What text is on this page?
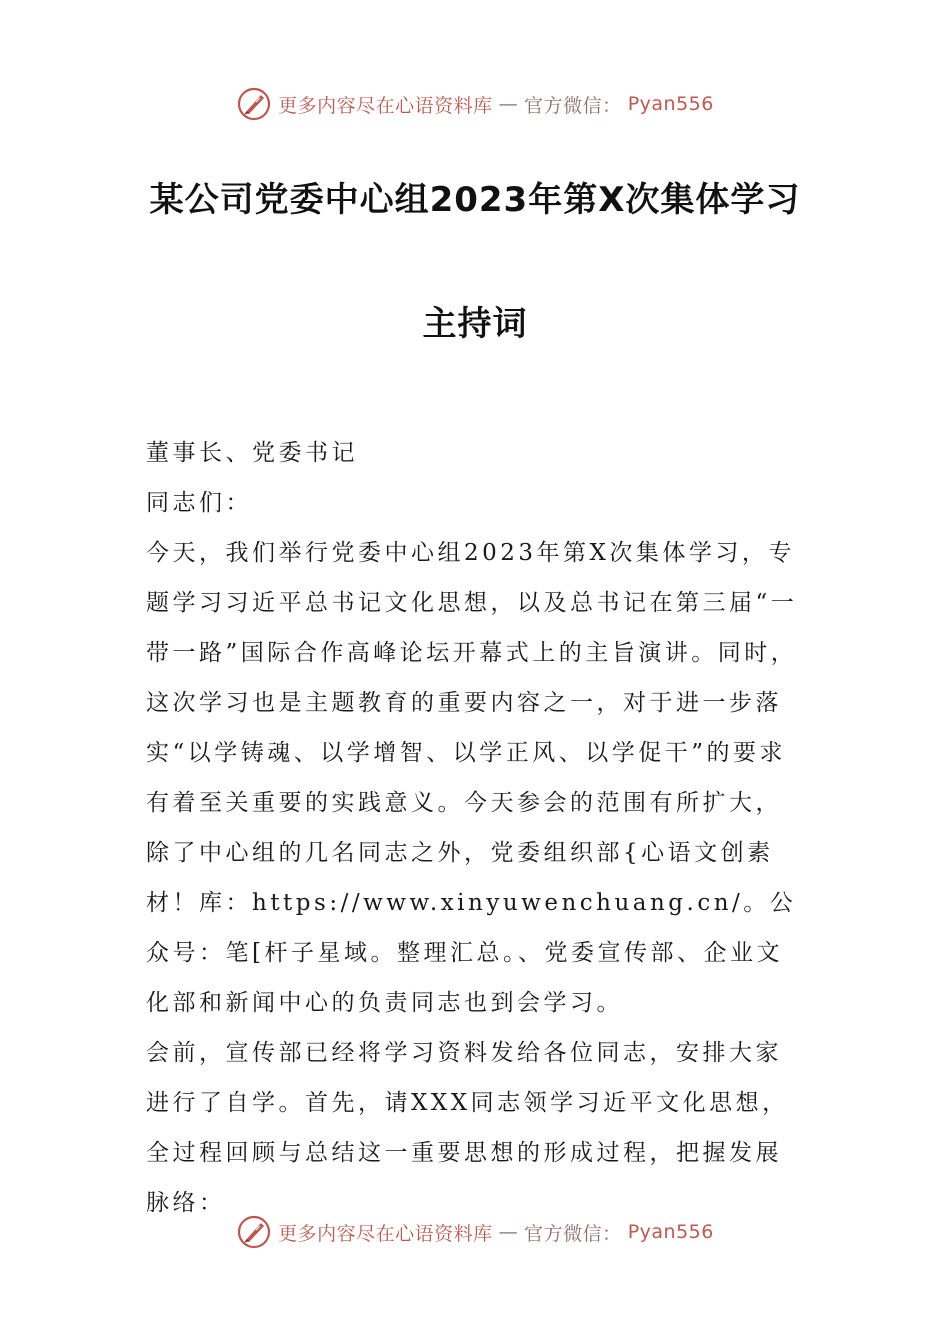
更多内容尽在心语资料库 — 官方微信： Pyan556
某公司党委中心组2023年第X次集体学习
主持词

董事长、党委书记

同志们：

今天，我们举行党委中心组2023年第X次集体学习，专题学习习近平总书记文化思想，以及总书记在第三届“一带一路”国际合作高峰论坛开幕式上的主旨演讲。同时，这次学习也是主题教育的重要内容之一，对于进一步落实“以学铸魂、以学增智、以学正风、以学促干”的要求有着至关重要的实践意义。今天参会的范围有所扩大，除了中心组的几名同志之外，党委组织部{心语文创素材！库：https://www.xinyuwenchuang.cn/。公众号：笔[杆子星域。整理汇总。、党委宣传部、企业文化部和新闻中心的负责同志也到会学习。

会前，宣传部已经将学习资料发给各位同志，安排大家进行了自学。首先，请XXX同志领学习近平文化思想，全过程回顾与总结这一重要思想的形成过程，把握发展脉络：

更多内容尽在心语资料库 — 官方微信： Pyan556
